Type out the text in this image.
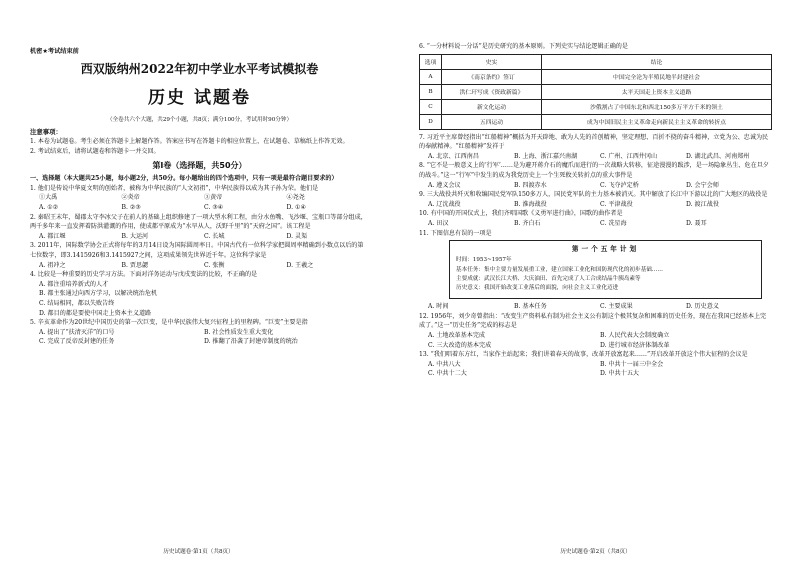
机密★考试结束前
西双版纳州2022年初中学业水平考试模拟卷
历史 试题卷
（全卷共六个大题，共29个小题，共8页；满分100分，考试用时90分钟）
注意事项：

1. 本卷为试题卷。考生必须在答题卡上解题作答。答案应书写在答题卡的相应位置上，在试题卷、草稿纸上作答无效。

2. 考试结束后，请将试题卷和答题卡一并交回。

第Ⅰ卷（选择题，共50分）

一、选择题（本大题共25小题，每小题2分，共50分。每小题给出的四个选项中，只有一项是最符合题目要求的）

1. 他们是传说中华夏文明的创始者，被称为中华民族的“人文初祖”，中华民族得以成为其子孙为荣。他们是

①大禹	②炎帝	③黄帝	④尧尧
A. ①②	B. ②③	C. ③④	D. ①④

2. 秦昭王末年，蜀郡太守李冰父子在前人的基础上组织修建了一项大型水利工程，由分水鱼嘴、飞沙堰、宝瓶口等部分组成，两千多年来一直发挥着防洪灌溉的作用，使成都平原成为“水旱从人，沃野千里”的“天府之国”。该工程是

A. 都江堰	B. 大运河	C. 长城	D. 灵渠

3. 2011年，国际数学协会正式将每年的3月14日设为国际圆周率日。中国古代有一位科学家把圆周率精确到小数点以后的第七位数字，即3.1415926和3.1415927之间，这项成果领先世界近千年。这位科学家是

A. 祖冲之	B. 贾思勰	C. 张衡	D. 王羲之

4. 比较是一种重要的历史学习方法。下面对洋务运动与戊戌变法的比较，不正确的是

A. 都注重培养新式的人才
B. 都主张通过向西方学习，以解决统治危机
C. 结局相同，都以失败告终
D. 都目的都是要使中国走上资本主义道路

5. 辛亥革命作为20世纪中国历史的第一次巨变，是中华民族伟大复兴征程上的里程碑。“巨变”主要是指

A. 提出了“扶清灭洋”的口号	B. 社会性质发生重大变化
C. 完成了反帝反封建的任务	D. 推翻了沿袭了封建帝制度的统治
历史试题卷·第1页（共8页）

6. “一分材料说一分话”是历史研究的基本原则。下列史实与结论逻辑正确的是

选项	史实	结论
A	《南京条约》签订	中国完全沦为半殖民地半封建社会
B	洪仁玕写成《资政新篇》	太平天国走上资本主义道路
C	新文化运动	沙俄割占了中国东北和西北150多万平方千米的领土
D	五四运动	成为中国旧民主主义革命走向新民主主义革命的转折点

7. 习近平主席曾经指出“红船精神”概括为开天辟地、敢为人先的首创精神，坚定理想、百折不挠的奋斗精神，立党为公、忠诚为民的奉献精神。“红船精神”发祥于

A. 北京、江西南昌	B. 上海、浙江嘉兴南湖	C. 广州、江西井冈山	D. 湖北武昌、河南郑州

8. “它不是一般意义上的‘行军’……是为避开蒋介石的魔爪而进行的一次战略大转移，征途漫漫的跋涉，是一场隐象丛生、危在旦夕的战斗。”这一“行军”中发生的成为我党历史上一个生死攸关转折点的重大事件是

A. 遵义会议	B. 四渡赤水	C. 飞夺泸定桥	D. 会宁会师

9. 三大战役共歼灭和收编国民党军队150多万人，国民党军队的主力基本被消灭。其中解放了长江中下游以北的广大地区的战役是

A. 辽沈战役	B. 淮海战役	C. 平津战役	D. 渡江战役

10. 有中国的开国仪式上，我们齐唱国歌《义勇军进行曲》，国歌的曲作者是

A. 田汉	B. 齐白石	C. 冼星海	D. 聂耳

11. 下图信息有误的一项是

第一个五年计划
时间：1953~1957年
基本任务：集中主要力量发展重工业，建立国家工业化和国防现代化的初步基础……
主要成就：武汉长江大桥、大庆油田、首先完成了人工合成结晶牛胰岛素等
历史意义：我国开始改变工业落后的面貌，向社会主义工业化迈进
A. 时间	B. 基本任务	C. 主要成果	D. 历史意义

12. 1956年，刘少奇曾指出：“改变生产资料私有制为社会主义公有制这个极其复杂和困难的历史任务，现在在我国已经基本上完成了。”这一“历史任务”完成的标志是

A. 土地改革基本完成	B. 人民代表大会制度确立
C. 三大改造的基本完成	D. 进行城市经济体制改革

13. “我们唱着东方红，当家作主站起来；我们讲着春天的故事，改革开放富起来……”开启改革开放这个伟大征程的会议是

A. 中共八大	B. 中共十一届三中全会
C. 中共十二大	D. 中共十五大
历史试题卷·第2页（共8页）
